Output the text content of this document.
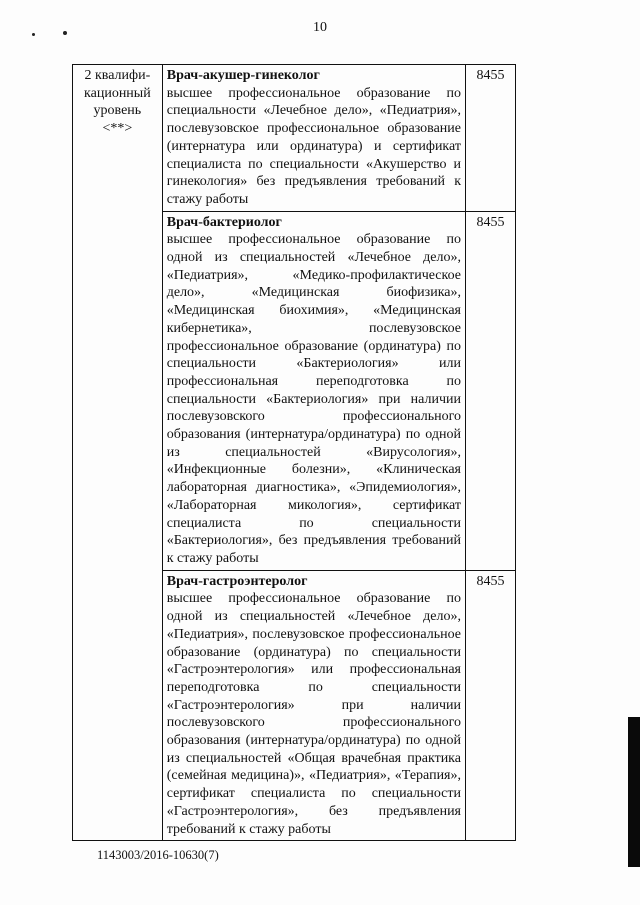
10
2 квалифи-кационный уровень <**>	Врач-акушер-гинеколог
высшее профессиональное образование по специальности «Лечебное дело», «Педиатрия», послевузовское профессиональное образование (интернатура или ординатура) и сертификат специалиста по специальности «Акушерство и гинекология» без предъявления требований к стажу работы	8455

	Врач-бактериолог
высшее профессиональное образование по одной из специальностей «Лечебное дело», «Педиатрия», «Медико-профилактическое дело», «Медицинская биофизика», «Медицинская биохимия», «Медицинская кибернетика», послевузовское профессиональное образование (ординатура) по специальности «Бактериология» или профессиональная переподготовка по специальности «Бактериология» при наличии послевузовского профессионального образования (интернатура/ординатура) по одной из специальностей «Вирусология», «Инфекционные болезни», «Клиническая лабораторная диагностика», «Эпидемиология», «Лабораторная микология», сертификат специалиста по специальности «Бактериология», без предъявления требований к стажу работы	8455

	Врач-гастроэнтеролог
высшее профессиональное образование по одной из специальностей «Лечебное дело», «Педиатрия», послевузовское профессиональное образование (ординатура) по специальности «Гастроэнтерология» или профессиональная переподготовка по специальности «Гастроэнтерология» при наличии послевузовского профессионального образования (интернатура/ординатура) по одной из специальностей «Общая врачебная практика (семейная медицина)», «Педиатрия», «Терапия», сертификат специалиста по специальности «Гастроэнтерология», без предъявления требований к стажу работы	8455
1143003/2016-10630(7)
